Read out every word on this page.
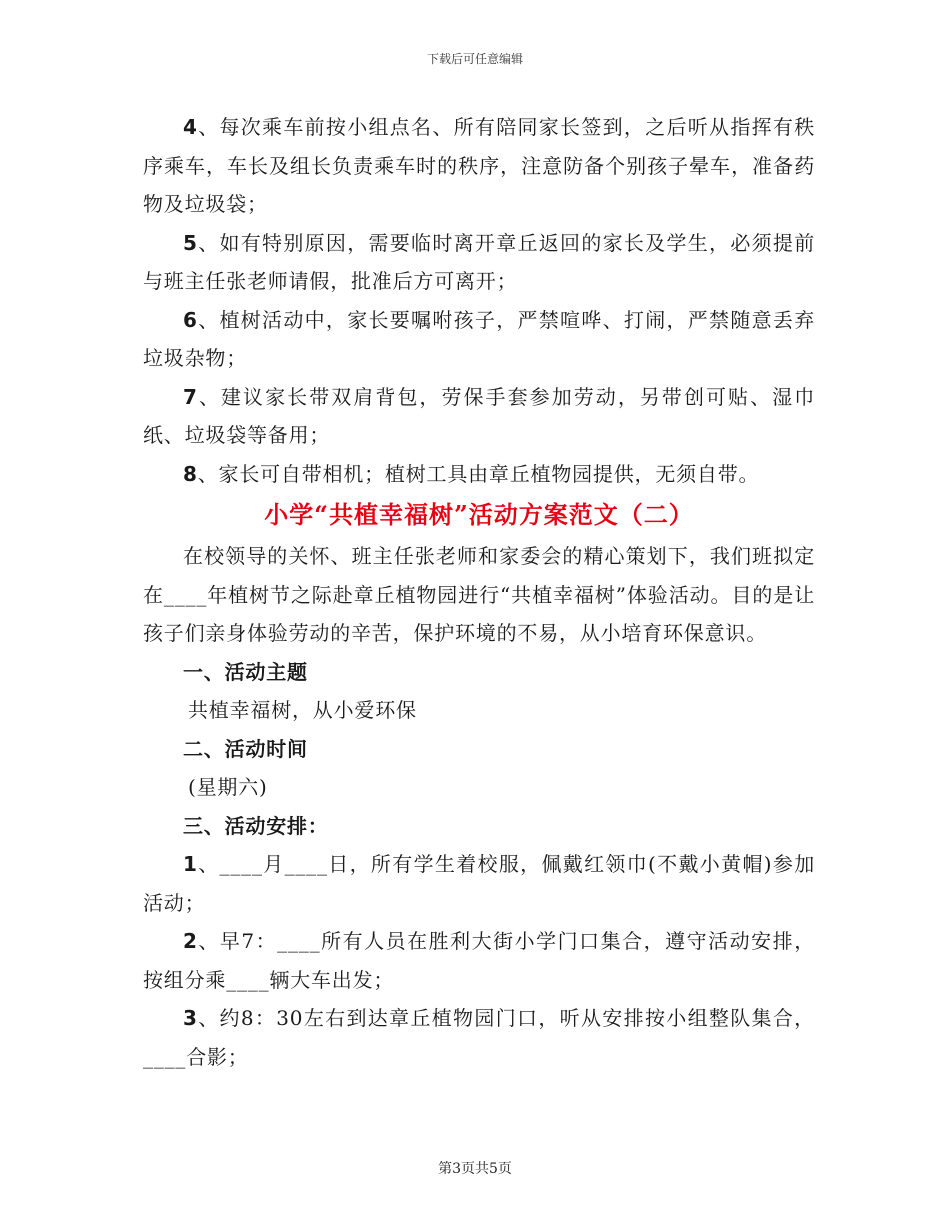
下载后可任意编辑

4、每次乘车前按小组点名、所有陪同家长签到，之后听从指挥有秩序乘车，车长及组长负责乘车时的秩序，注意防备个别孩子晕车，准备药物及垃圾袋；

5、如有特别原因，需要临时离开章丘返回的家长及学生，必须提前与班主任张老师请假，批准后方可离开；

6、植树活动中，家长要嘱咐孩子，严禁喧哗、打闹，严禁随意丢弃垃圾杂物；

7、建议家长带双肩背包，劳保手套参加劳动，另带创可贴、湿巾纸、垃圾袋等备用；

8、家长可自带相机；植树工具由章丘植物园提供，无须自带。

小学“共植幸福树”活动方案范文（二）

在校领导的关怀、班主任张老师和家委会的精心策划下，我们班拟定在____年植树节之际赴章丘植物园进行“共植幸福树”体验活动。目的是让孩子们亲身体验劳动的辛苦，保护环境的不易，从小培育环保意识。

一、活动主题

共植幸福树，从小爱环保

二、活动时间

(星期六)

三、活动安排：

1、____月____日，所有学生着校服，佩戴红领巾(不戴小黄帽)参加活动；

2、早7：____所有人员在胜利大街小学门口集合，遵守活动安排，按组分乘____辆大车出发；

3、约8：30左右到达章丘植物园门口，听从安排按小组整队集合，____合影；

第3页共5页
